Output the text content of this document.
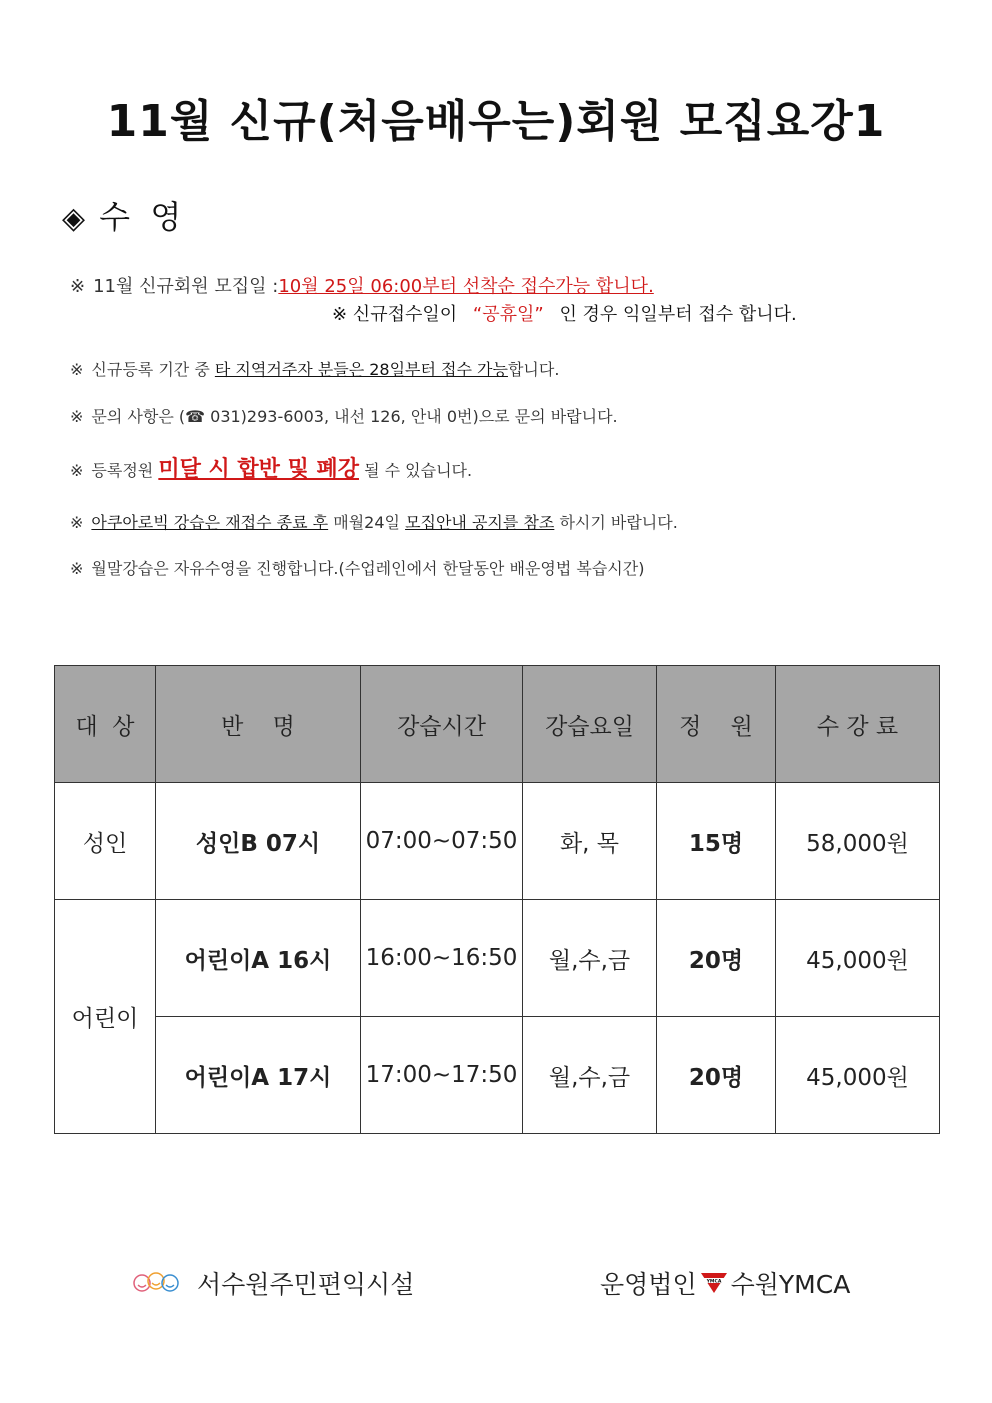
11월 신규(처음배우는)회원 모집요강1
◈ 수  영
※ 11월 신규회원 모집일 :10월 25일 06:00부터 선착순 접수가능 합니다.
※ 신규접수일이 “공휴일” 인 경우 익일부터 접수 합니다.
※ 신규등록 기간 중 타 지역거주자 분들은 28일부터 접수 가능합니다.
※ 문의 사항은 (☎ 031)293-6003, 내선 126, 안내 0번)으로 문의 바랍니다.
※ 등록정원 미달 시 합반 및 폐강 될 수 있습니다.
※ 아쿠아로빅 강습은 재접수 종료 후 매월24일 모집안내 공지를 참조 하시기 바랍니다.
※ 월말강습은 자유수영을 진행합니다.(수업레인에서 한달동안 배운영법 복습시간)
대  상	반    명	강습시간	강습요일	정    원	수 강 료
성인	성인B 07시	07:00~07:50	화, 목	15명	58,000원
어린이	어린이A 16시	16:00~16:50	월,수,금	20명	45,000원
	어린이A 17시	17:00~17:50	월,수,금	20명	45,000원
서수원주민편익시설	운영법인 YMCA 수원YMCA
